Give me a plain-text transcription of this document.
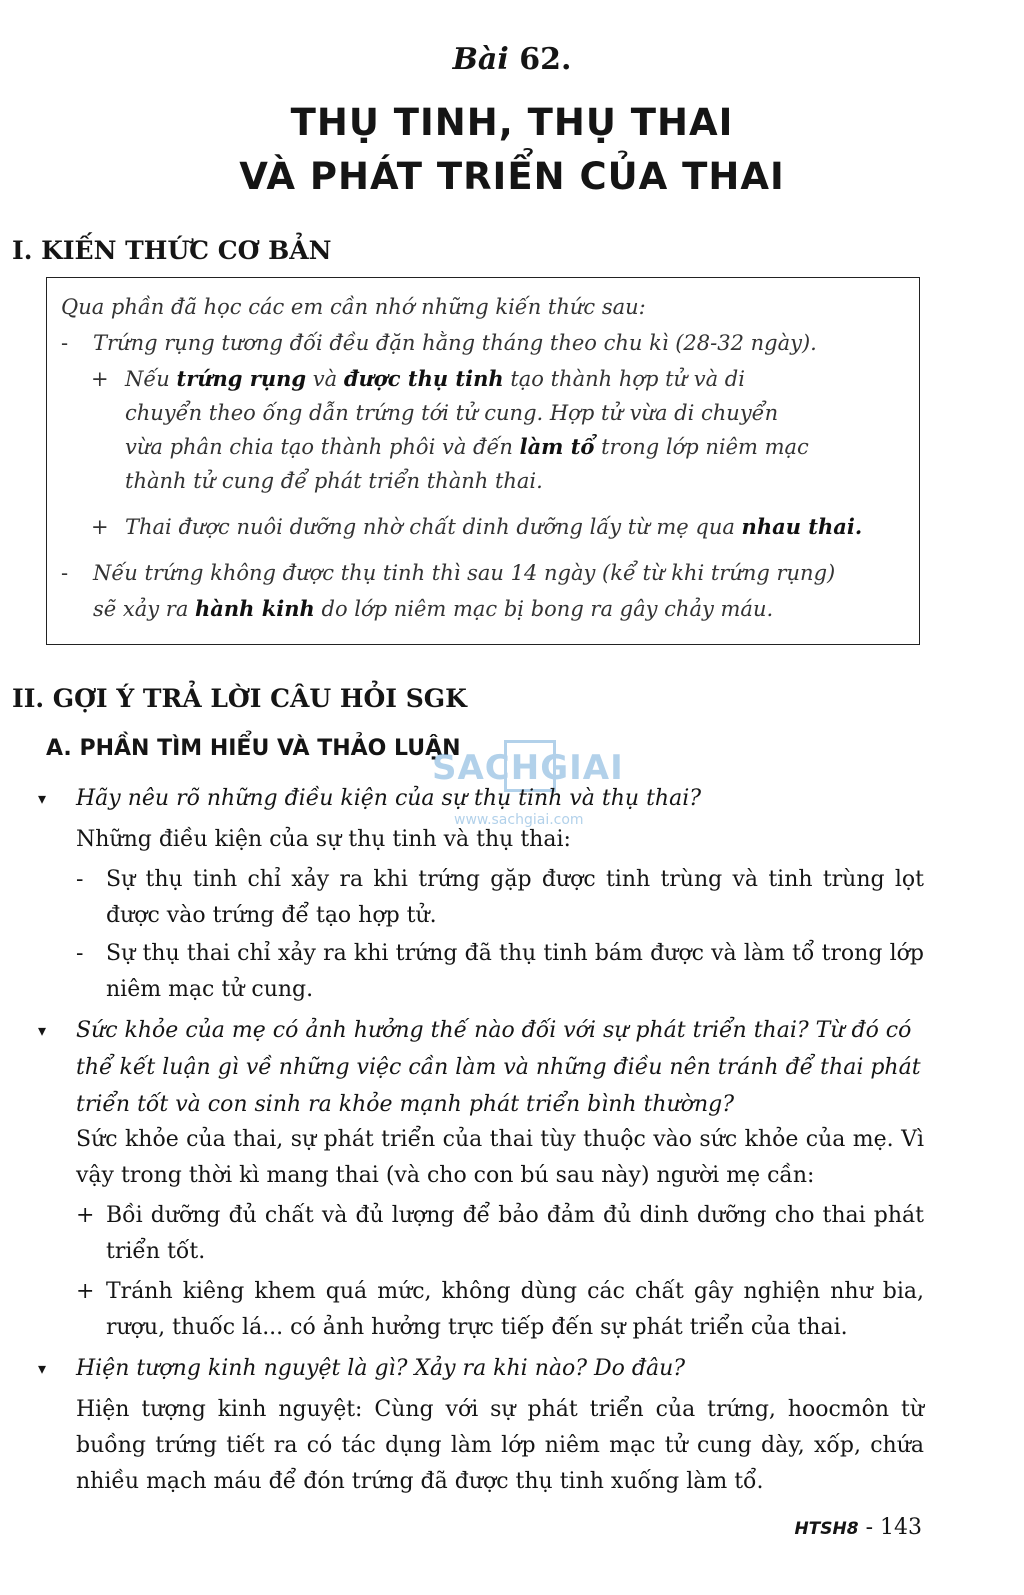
Bài 62.
THỤ TINH, THỤ THAI
VÀ PHÁT TRIỂN CỦA THAI
I. KIẾN THỨC CƠ BẢN
Qua phần đã học các em cần nhớ những kiến thức sau:
- Trứng rụng tương đối đều đặn hằng tháng theo chu kì (28-32 ngày).
+ Nếu trứng rụng và được thụ tinh tạo thành hợp tử và di
chuyển theo ống dẫn trứng tới tử cung. Hợp tử vừa di chuyển
vừa phân chia tạo thành phôi và đến làm tổ trong lớp niêm mạc
thành tử cung để phát triển thành thai.
+ Thai được nuôi dưỡng nhờ chất dinh dưỡng lấy từ mẹ qua nhau thai.
- Nếu trứng không được thụ tinh thì sau 14 ngày (kể từ khi trứng rụng)
sẽ xảy ra hành kinh do lớp niêm mạc bị bong ra gây chảy máu.
II. GỢI Ý TRẢ LỜI CÂU HỎI SGK
A. PHẦN TÌM HIỂU VÀ THẢO LUẬN
SACHGIAI
www.sachgiai.com
▾	Hãy nêu rõ những điều kiện của sự thụ tinh và thụ thai?
Những điều kiện của sự thụ tinh và thụ thai:
-	Sự thụ tinh chỉ xảy ra khi trứng gặp được tinh trùng và tinh trùng lọt được vào trứng để tạo hợp tử.
-	Sự thụ thai chỉ xảy ra khi trứng đã thụ tinh bám được và làm tổ trong lớp niêm mạc tử cung.
▾	Sức khỏe của mẹ có ảnh hưởng thế nào đối với sự phát triển thai? Từ đó có thể kết luận gì về những việc cần làm và những điều nên tránh để thai phát triển tốt và con sinh ra khỏe mạnh phát triển bình thường?
Sức khỏe của thai, sự phát triển của thai tùy thuộc vào sức khỏe của mẹ. Vì vậy trong thời kì mang thai (và cho con bú sau này) người mẹ cần:
+ Bồi dưỡng đủ chất và đủ lượng để bảo đảm đủ dinh dưỡng cho thai phát triển tốt.
+ Tránh kiêng khem quá mức, không dùng các chất gây nghiện như bia, rượu, thuốc lá... có ảnh hưởng trực tiếp đến sự phát triển của thai.
▾	Hiện tượng kinh nguyệt là gì? Xảy ra khi nào? Do đâu?
Hiện tượng kinh nguyệt: Cùng với sự phát triển của trứng, hoocmôn từ buồng trứng tiết ra có tác dụng làm lớp niêm mạc tử cung dày, xốp, chứa nhiều mạch máu để đón trứng đã được thụ tinh xuống làm tổ.
HTSH8 - 143
